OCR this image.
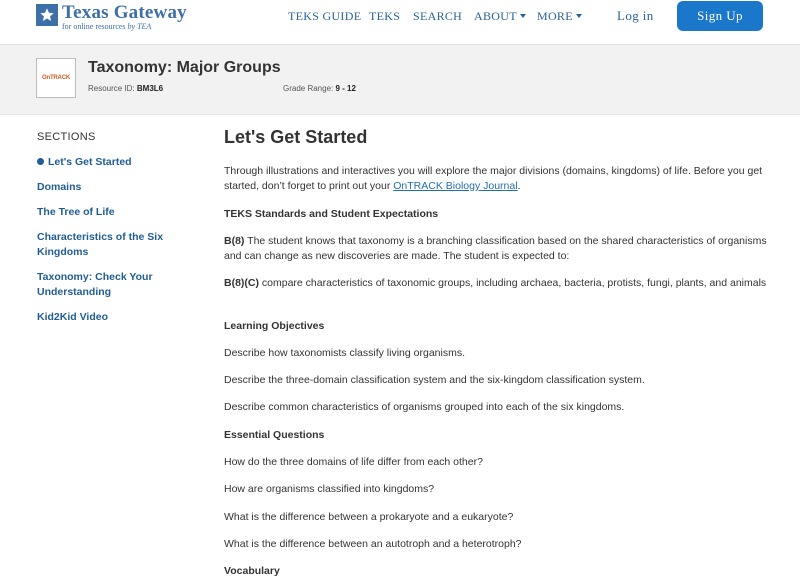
Texas Gateway
for online resources by TEA
TEKS GUIDE TEKS SEARCH ABOUT	MORE	Log in	Sign Up
OnTRACK
Taxonomy: Major Groups
Resource ID: BM3L6	Grade Range: 9 - 12
SECTIONS
Let's Get Started
Domains
The Tree of Life
Characteristics of the Six Kingdoms
Taxonomy: Check Your Understanding
Kid2Kid Video
Let's Get Started
Through illustrations and interactives you will explore the major divisions (domains, kingdoms) of life. Before you get started, don’t forget to print out your OnTRACK Biology Journal.
TEKS Standards and Student Expectations
B(8) The student knows that taxonomy is a branching classification based on the shared characteristics of organisms and can change as new discoveries are made. The student is expected to:
B(8)(C) compare characteristics of taxonomic groups, including archaea, bacteria, protists, fungi, plants, and animals
Learning Objectives
Describe how taxonomists classify living organisms.
Describe the three-domain classification system and the six-kingdom classification system.
Describe common characteristics of organisms grouped into each of the six kingdoms.
Essential Questions
How do the three domains of life differ from each other?
How are organisms classified into kingdoms?
What is the difference between a prokaryote and a eukaryote?
What is the difference between an autotroph and a heterotroph?
Vocabulary
